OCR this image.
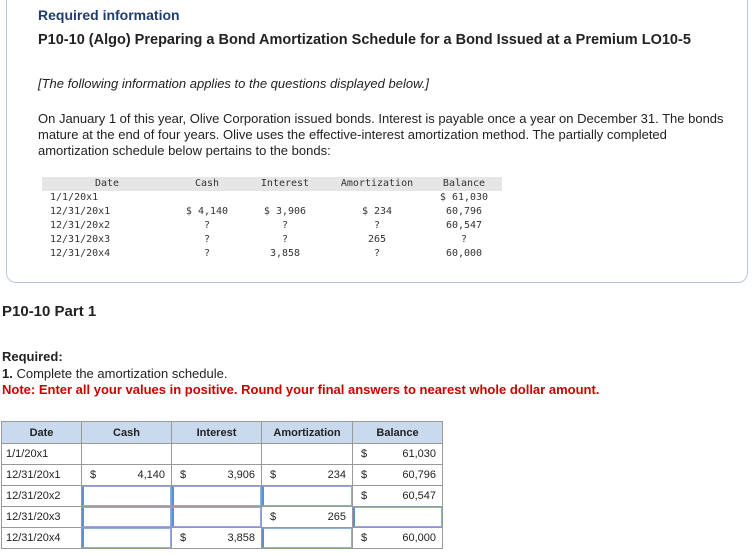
Required information
P10-10 (Algo) Preparing a Bond Amortization Schedule for a Bond Issued at a Premium LO10-5
[The following information applies to the questions displayed below.]
On January 1 of this year, Olive Corporation issued bonds. Interest is payable once a year on December 31. The bonds mature at the end of four years. Olive uses the effective-interest amortization method. The partially completed amortization schedule below pertains to the bonds:
Date	Cash	Interest	Amortization	Balance
1/1/20x1				$ 61,030
12/31/20x1	$ 4,140	$ 3,906	$ 234	60,796
12/31/20x2	?	?	?	60,547
12/31/20x3	?	?	265	?
12/31/20x4	?	3,858	?	60,000
P10-10 Part 1
Required:
1. Complete the amortization schedule.
Note: Enter all your values in positive. Round your final answers to nearest whole dollar amount.
Date	Cash	Interest	Amortization	Balance
1/1/20x1				$ 61,030

12/31/20x1	$ 4,140	$ 3,906	$ 234	$ 60,796

12/31/20x2				$ 60,547

12/31/20x3			$ 265

12/31/20x4		$ 3,858		$ 60,000
